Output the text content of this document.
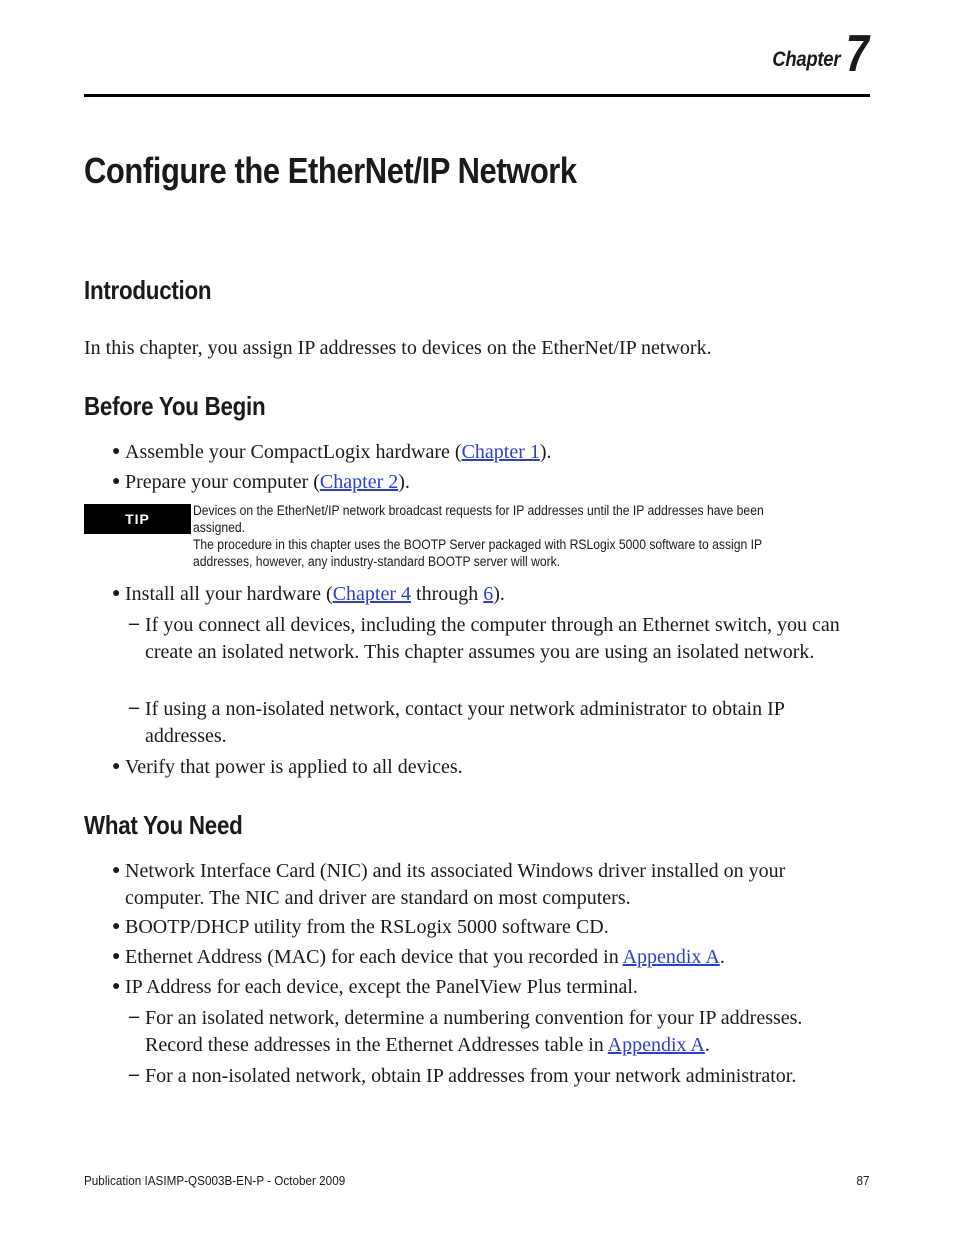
Chapter 7
Configure the EtherNet/IP Network
Introduction
In this chapter, you assign IP addresses to devices on the EtherNet/IP network.
Before You Begin
● Assemble your CompactLogix hardware (Chapter 1).
● Prepare your computer (Chapter 2).
TIP
Devices on the EtherNet/IP network broadcast requests for IP addresses until the IP addresses have been assigned.
The procedure in this chapter uses the BOOTP Server packaged with RSLogix 5000 software to assign IP addresses, however, any industry-standard BOOTP server will work.
● Install all your hardware (Chapter 4 through 6).
– If you connect all devices, including the computer through an Ethernet switch, you can create an isolated network. This chapter assumes you are using an isolated network.
– If using a non-isolated network, contact your network administrator to obtain IP addresses.
● Verify that power is applied to all devices.
What You Need
● Network Interface Card (NIC) and its associated Windows driver installed on your computer. The NIC and driver are standard on most computers.
● BOOTP/DHCP utility from the RSLogix 5000 software CD.
● Ethernet Address (MAC) for each device that you recorded in Appendix A.
● IP Address for each device, except the PanelView Plus terminal.
– For an isolated network, determine a numbering convention for your IP addresses. Record these addresses in the Ethernet Addresses table in Appendix A.
– For a non-isolated network, obtain IP addresses from your network administrator.
Publication IASIMP-QS003B-EN-P - October 2009	87
